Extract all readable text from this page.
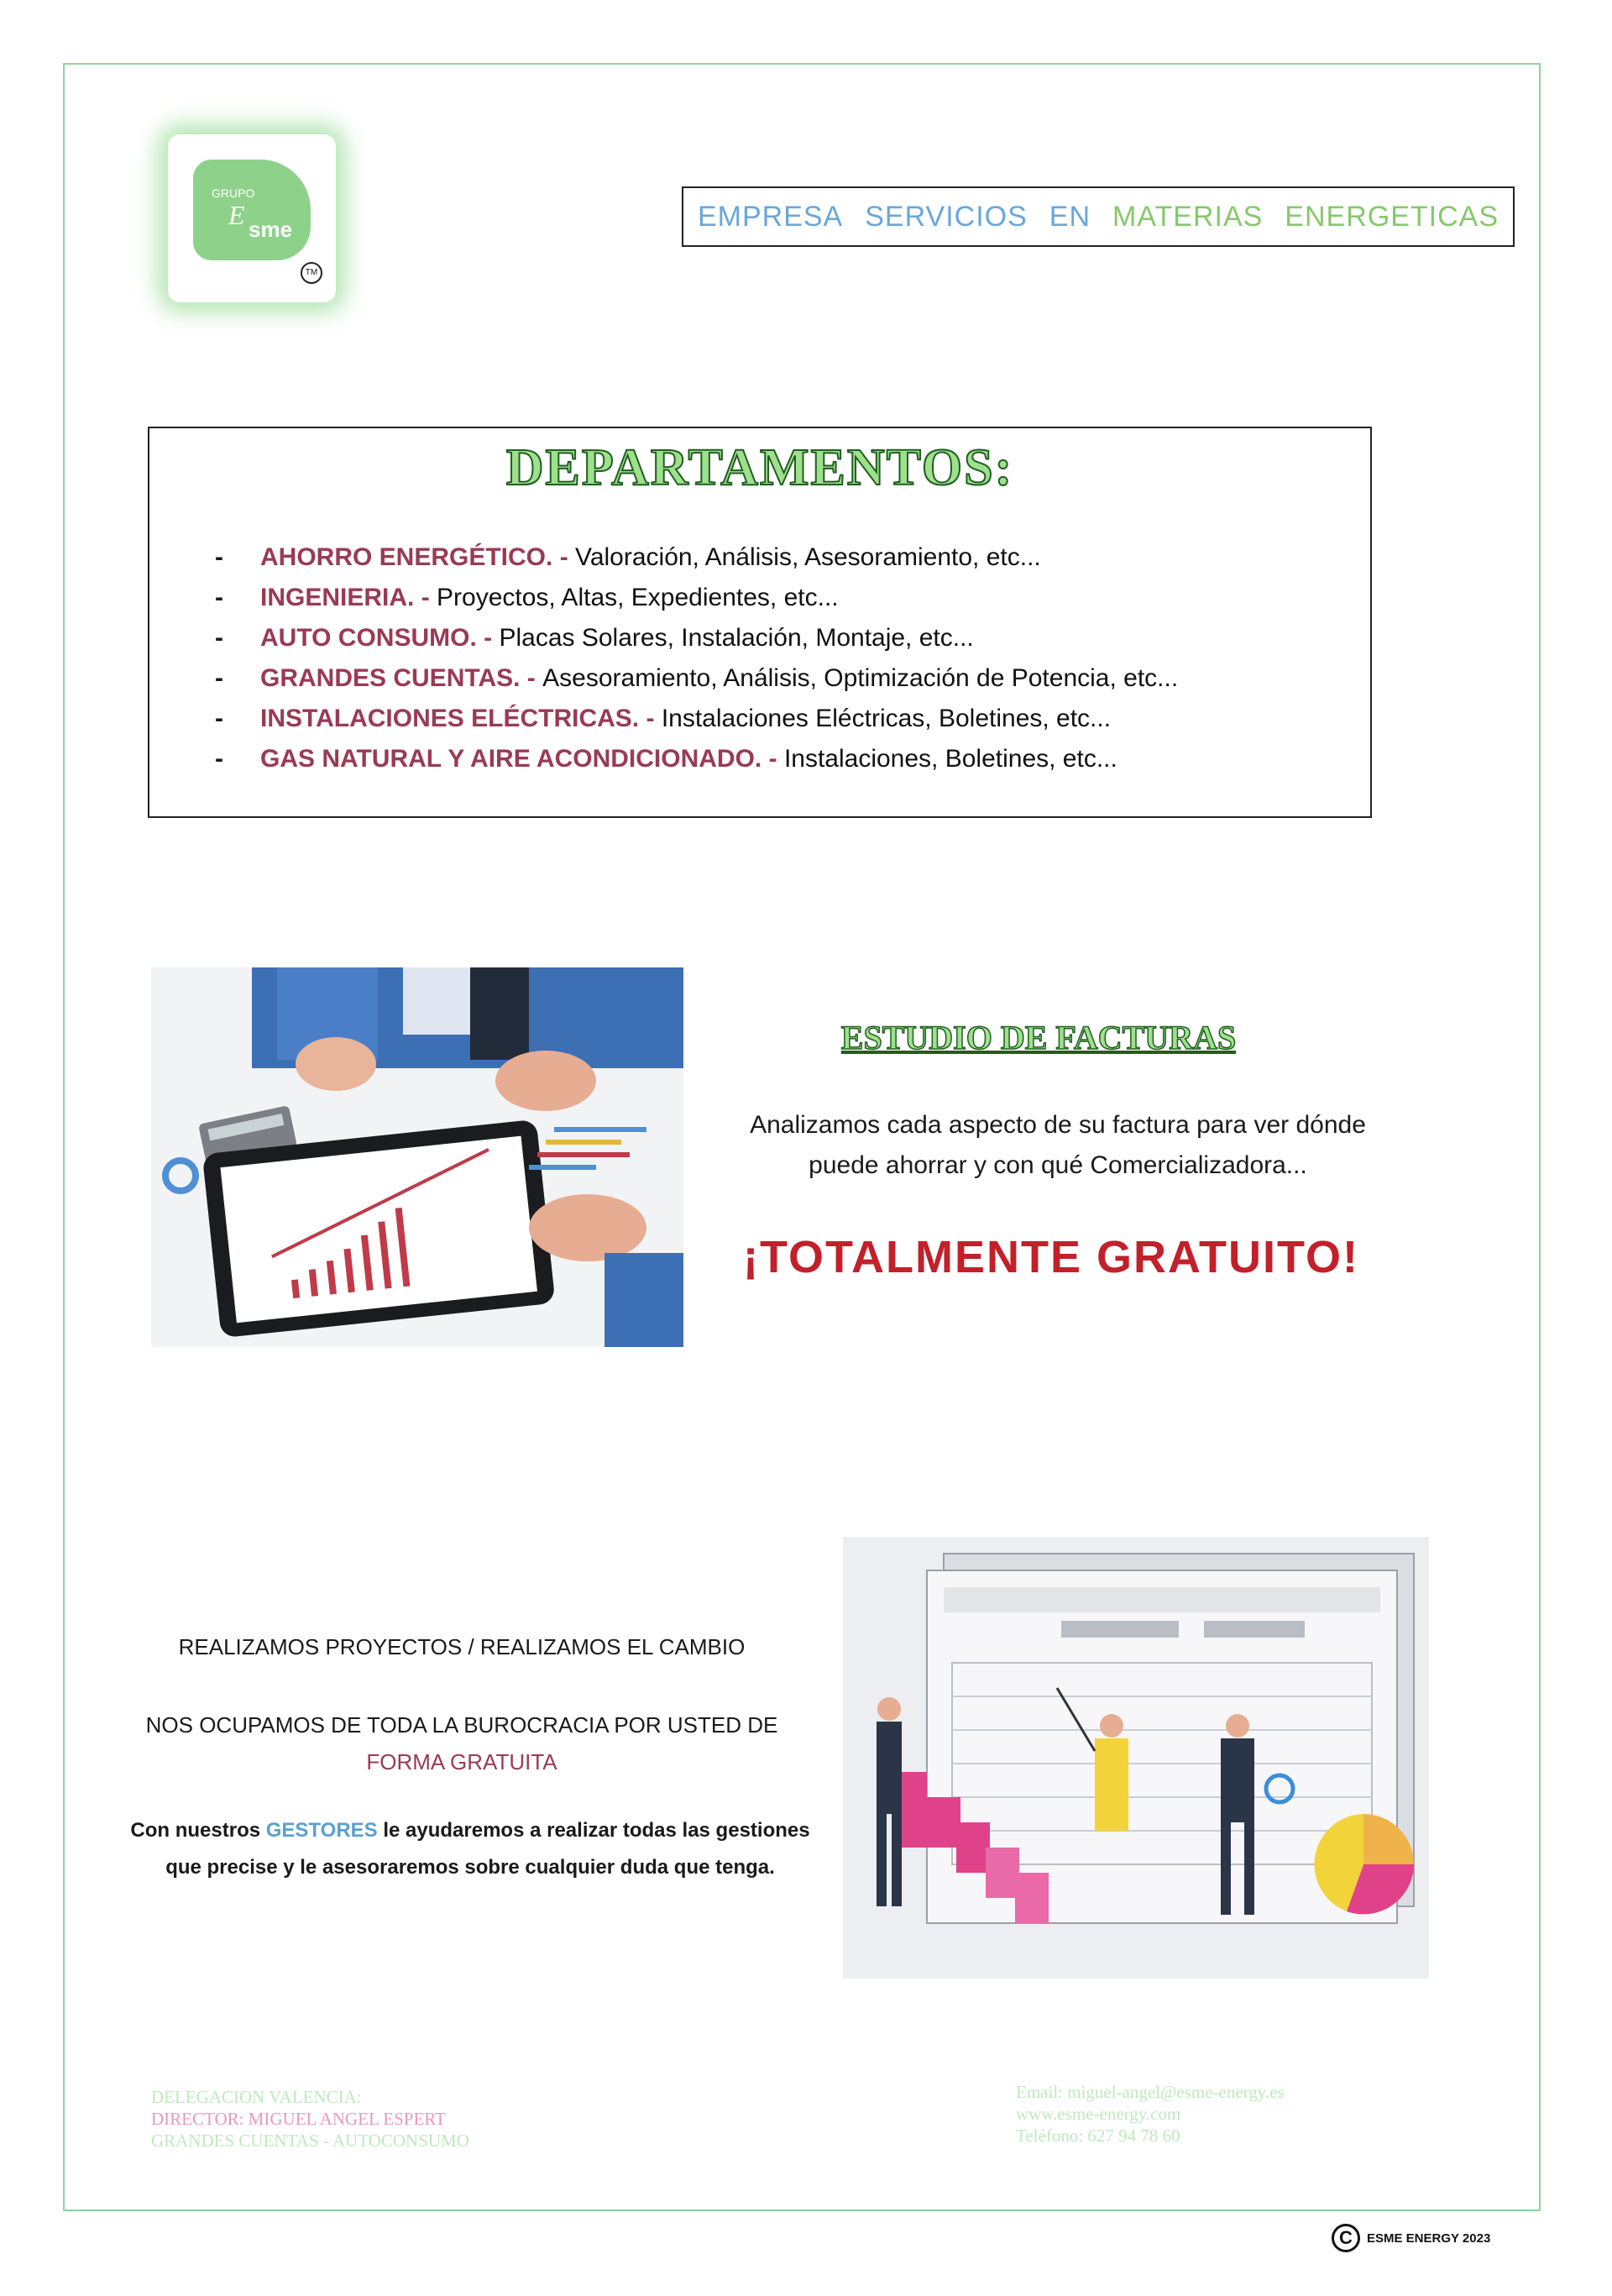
GRUPO
E sme
TM
EMPRESA SERVICIOS EN MATERIAS ENERGETICAS
DEPARTAMENTOS:
- AHORRO ENERGÉTICO. - Valoración, Análisis, Asesoramiento, etc...
- INGENIERIA. - Proyectos, Altas, Expedientes, etc...
- AUTO CONSUMO. - Placas Solares, Instalación, Montaje, etc...
- GRANDES CUENTAS. - Asesoramiento, Análisis, Optimización de Potencia, etc...
- INSTALACIONES ELÉCTRICAS. - Instalaciones Eléctricas, Boletines, etc...
- GAS NATURAL Y AIRE ACONDICIONADO. - Instalaciones, Boletines, etc...
ESTUDIO DE FACTURAS
Analizamos cada aspecto de su factura para ver dónde
puede ahorrar y con qué Comercializadora...
¡TOTALMENTE GRATUITO!
REALIZAMOS PROYECTOS / REALIZAMOS EL CAMBIO
NOS OCUPAMOS DE TODA LA BUROCRACIA POR USTED DE
FORMA GRATUITA
Con nuestros GESTORES le ayudaremos a realizar todas las gestiones
que precise y le asesoraremos sobre cualquier duda que tenga.
DELEGACION VALENCIA:
DIRECTOR: MIGUEL ANGEL ESPERT
GRANDES CUENTAS - AUTOCONSUMO
Email: miguel-angel@esme-energy.es
www.esme-energy.com
Teléfono: 627 94 78 60
C	ESME ENERGY 2023
